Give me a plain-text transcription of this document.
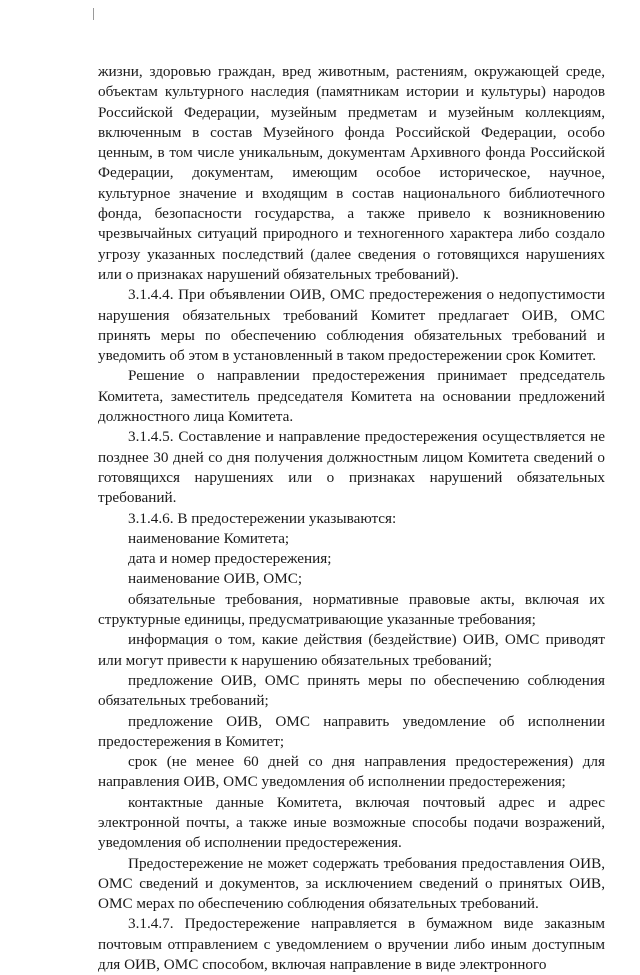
жизни, здоровью граждан, вред животным, растениям, окружающей среде, объектам культурного наследия (памятникам истории и культуры) народов Российской Федерации, музейным предметам и музейным коллекциям, включенным в состав Музейного фонда Российской Федерации, особо ценным, в том числе уникальным, документам Архивного фонда Российской Федерации, документам, имеющим особое историческое, научное, культурное значение и входящим в состав национального библиотечного фонда, безопасности государства, а также привело к возникновению чрезвычайных ситуаций природного и техногенного характера либо создало угрозу указанных последствий (далее сведения о готовящихся нарушениях или о признаках нарушений обязательных требований).

3.1.4.4. При объявлении ОИВ, ОМС предостережения о недопустимости нарушения обязательных требований Комитет предлагает ОИВ, ОМС принять меры по обеспечению соблюдения обязательных требований и уведомить об этом в установленный в таком предостережении срок Комитет.

Решение о направлении предостережения принимает председатель Комитета, заместитель председателя Комитета на основании предложений должностного лица Комитета.

3.1.4.5. Составление и направление предостережения осуществляется не позднее 30 дней со дня получения должностным лицом Комитета сведений о готовящихся нарушениях или о признаках нарушений обязательных требований.

3.1.4.6. В предостережении указываются:

наименование Комитета;

дата и номер предостережения;

наименование ОИВ, ОМС;

обязательные требования, нормативные правовые акты, включая их структурные единицы, предусматривающие указанные требования;

информация о том, какие действия (бездействие) ОИВ, ОМС приводят или могут привести к нарушению обязательных требований;

предложение ОИВ, ОМС принять меры по обеспечению соблюдения обязательных требований;

предложение ОИВ, ОМС направить уведомление об исполнении предостережения в Комитет;

срок (не менее 60 дней со дня направления предостережения) для направления ОИВ, ОМС уведомления об исполнении предостережения;

контактные данные Комитета, включая почтовый адрес и адрес электронной почты, а также иные возможные способы подачи возражений, уведомления об исполнении предостережения.

Предостережение не может содержать требования предоставления ОИВ, ОМС сведений и документов, за исключением сведений о принятых ОИВ, ОМС мерах по обеспечению соблюдения обязательных требований.

3.1.4.7. Предостережение направляется в бумажном виде заказным почтовым отправлением с уведомлением о вручении либо иным доступным для ОИВ, ОМС способом, включая направление в виде электронного
